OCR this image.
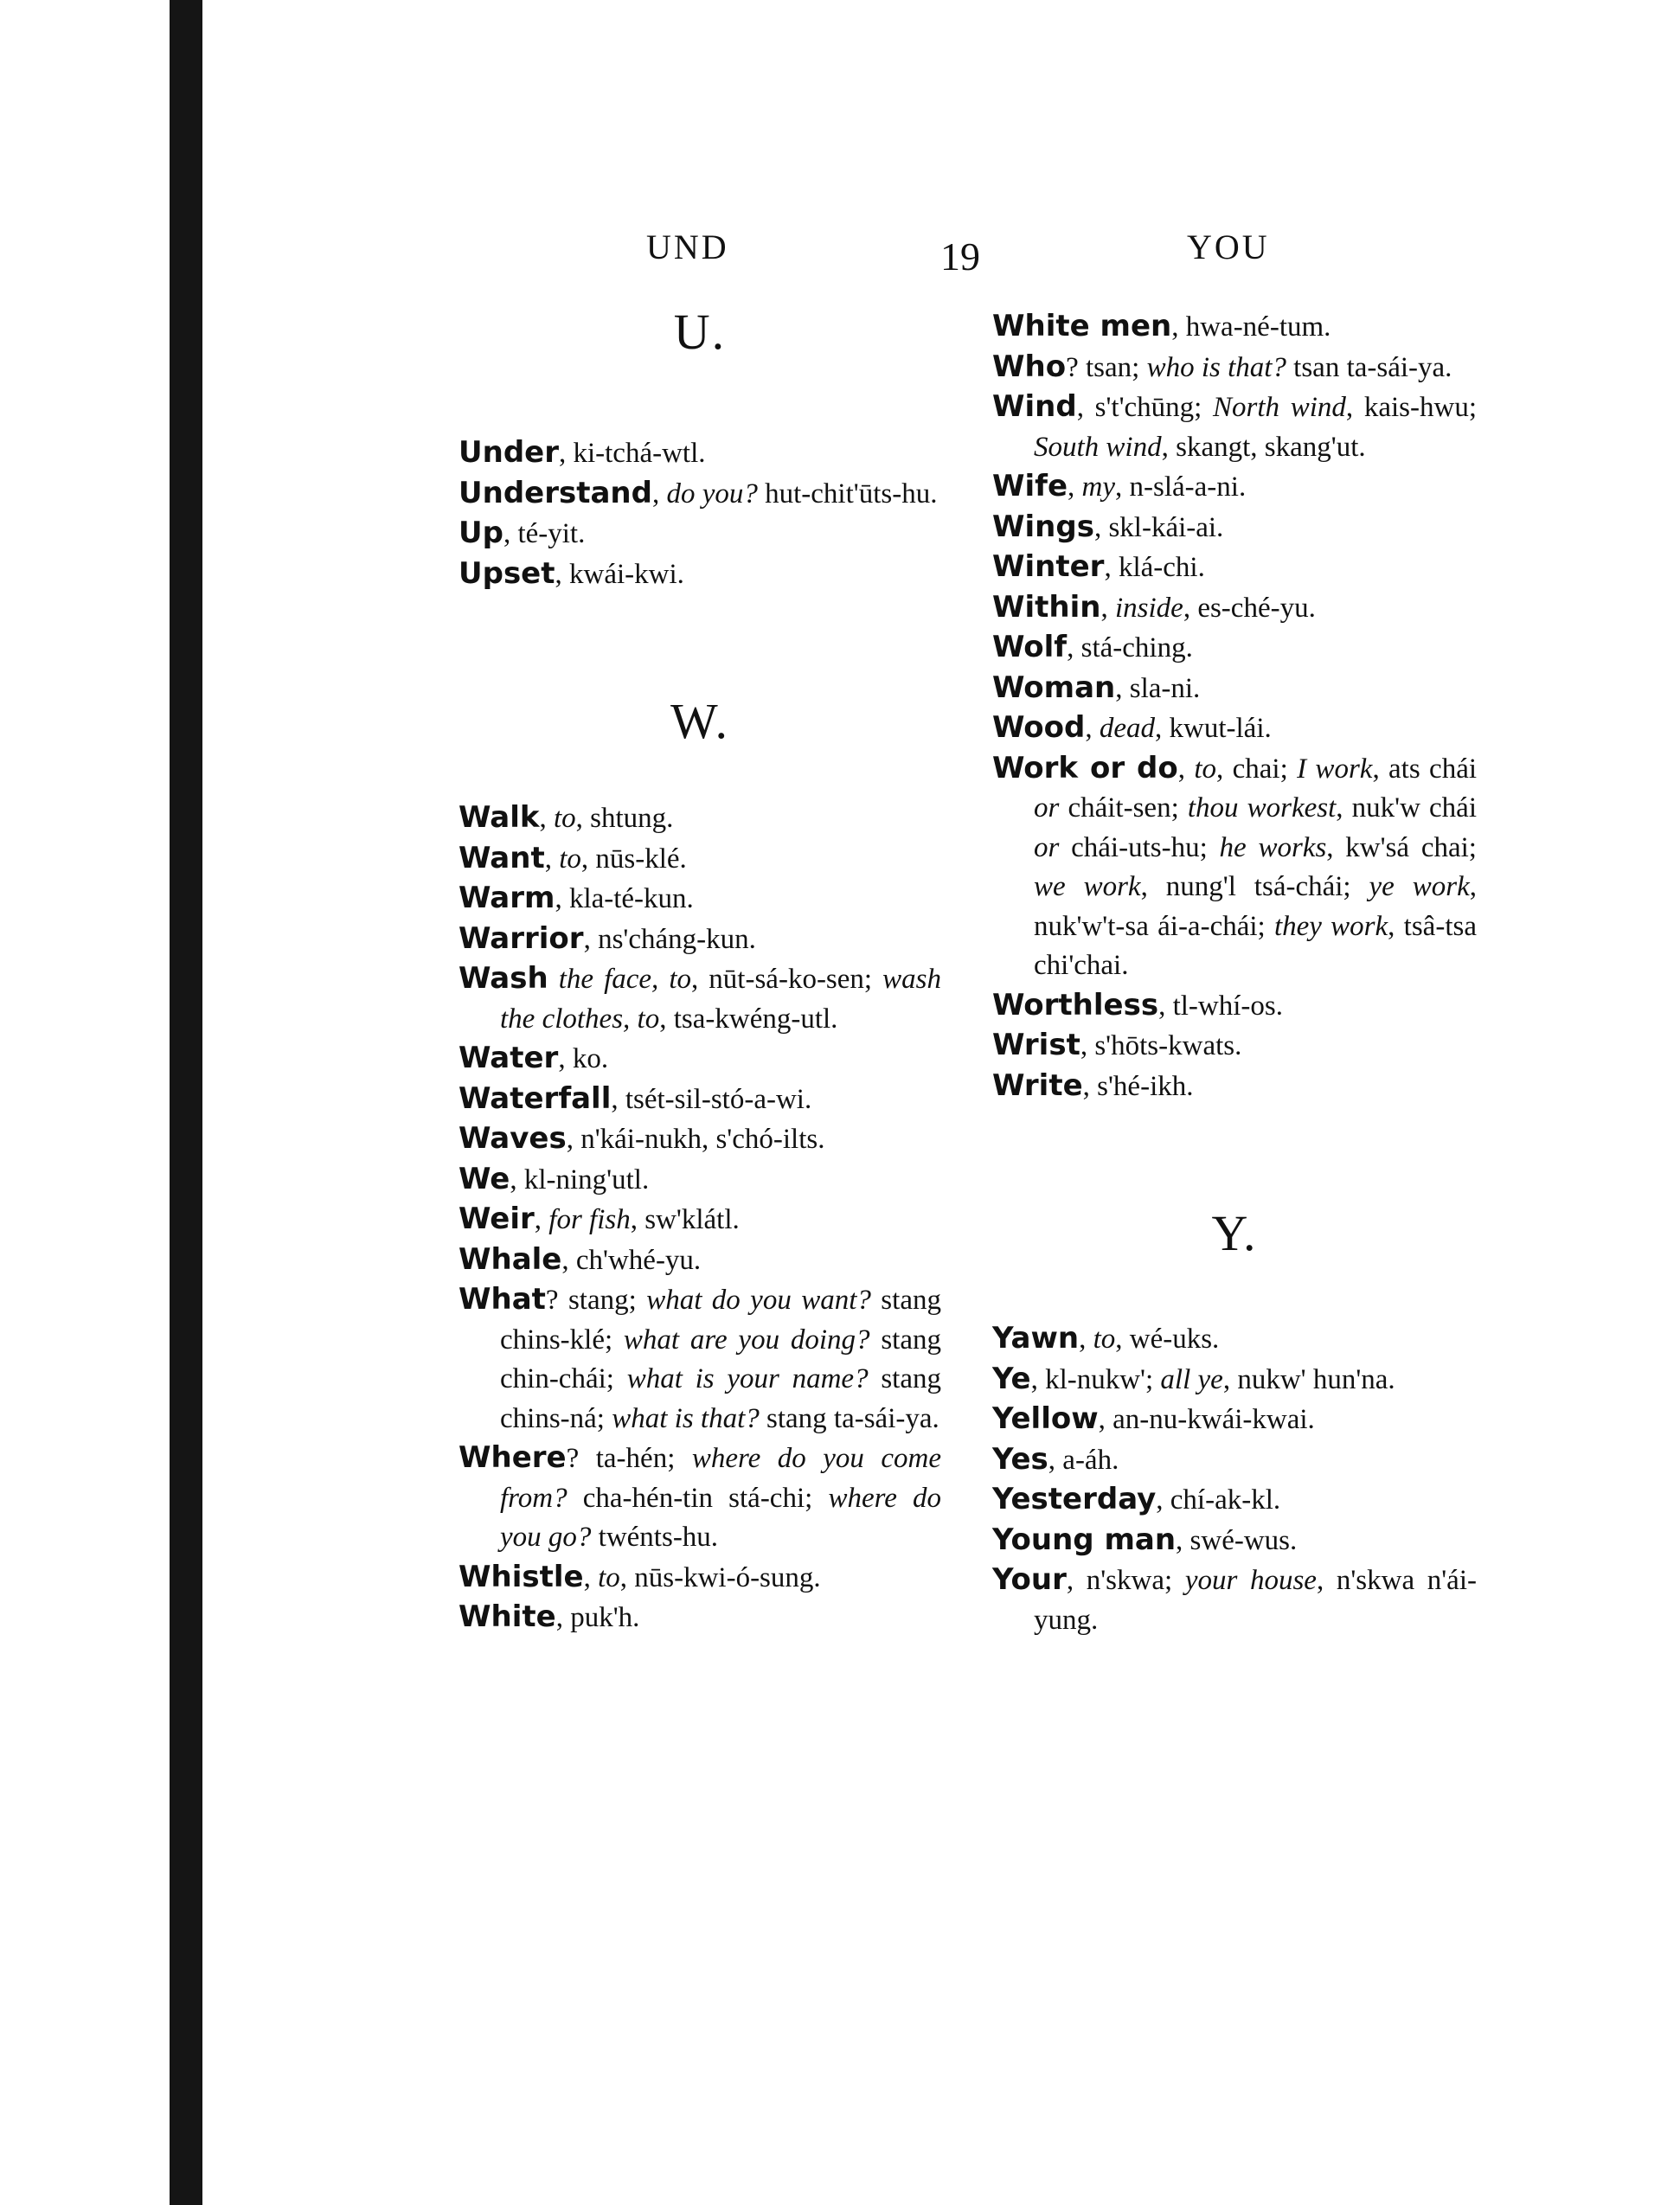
UND	19	YOU
U.

Under, ki-tchá-wtl.

Understand, do you? hut-chit'ūts-hu.

Up, té-yit.

Upset, kwái-kwi.

W.

Walk, to, shtung.

Want, to, nūs-klé.

Warm, kla-té-kun.

Warrior, ns'cháng-kun.

Wash the face, to, nūt-sá-ko-sen; wash the clothes, to, tsa-kwéng-utl.

Water, ko.

Waterfall, tsét-sil-stó-a-wi.

Waves, n'kái-nukh, s'chó-ilts.

We, kl-ning'utl.

Weir, for fish, sw'klátl.

Whale, ch'whé-yu.

What? stang; what do you want? stang chins-klé; what are you doing? stang chin-chái; what is your name? stang chins-ná; what is that? stang ta-sái-ya.

Where? ta-hén; where do you come from? cha-hén-tin stá-chi; where do you go? twénts-hu.

Whistle, to, nūs-kwi-ó-sung.

White, puk'h.

White men, hwa-né-tum.

Who? tsan; who is that? tsan ta-sái-ya.

Wind, s't'chūng; North wind, kais-hwu; South wind, skangt, skang'ut.

Wife, my, n-slá-a-ni.

Wings, skl-kái-ai.

Winter, klá-chi.

Within, inside, es-ché-yu.

Wolf, stá-ching.

Woman, sla-ni.

Wood, dead, kwut-lái.

Work or do, to, chai; I work, ats chái or cháit-sen; thou workest, nuk'w chái or chái-uts-hu; he works, kw'sá chai; we work, nung'l tsá-chái; ye work, nuk'w't-sa ái-a-chái; they work, tsâ-tsa chi'chai.

Worthless, tl-whí-os.

Wrist, s'hōts-kwats.

Write, s'hé-ikh.

Y.

Yawn, to, wé-uks.

Ye, kl-nukw'; all ye, nukw' hun'na.

Yellow, an-nu-kwái-kwai.

Yes, a-áh.

Yesterday, chí-ak-kl.

Young man, swé-wus.

Your, n'skwa; your house, n'skwa n'ái-yung.
